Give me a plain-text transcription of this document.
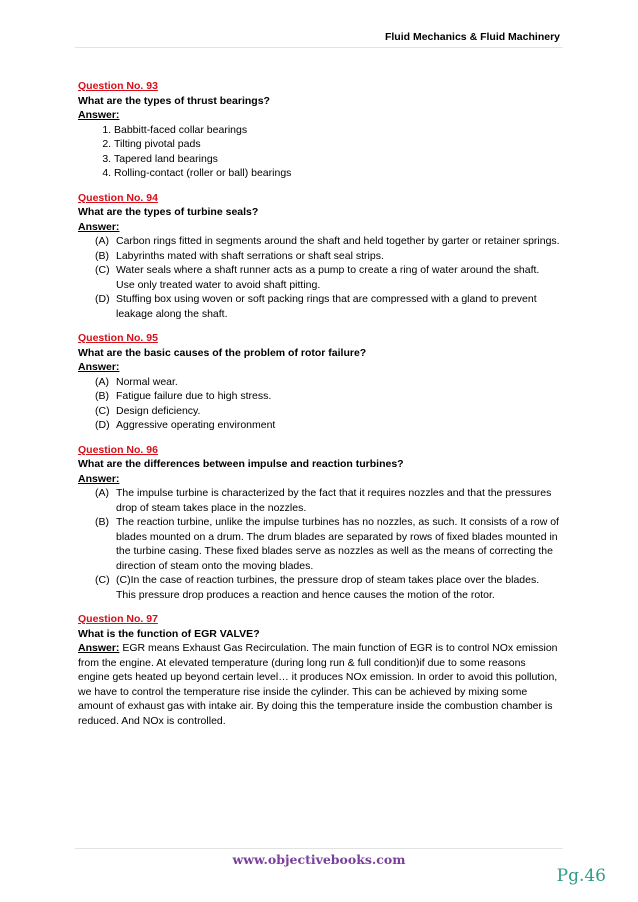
Fluid Mechanics & Fluid Machinery
Question No. 93
What are the types of thrust bearings?
Answer:
1. Babbitt-faced collar bearings
2. Tilting pivotal pads
3. Tapered land bearings
4. Rolling-contact (roller or ball) bearings
Question No. 94
What are the types of turbine seals?
Answer:
(A) Carbon rings fitted in segments around the shaft and held together by garter or retainer springs.
(B) Labyrinths mated with shaft serrations or shaft seal strips.
(C) Water seals where a shaft runner acts as a pump to create a ring of water around the shaft. Use only treated water to avoid shaft pitting.
(D) Stuffing box using woven or soft packing rings that are compressed with a gland to prevent leakage along the shaft.
Question No. 95
What are the basic causes of the problem of rotor failure?
Answer:
(A) Normal wear.
(B) Fatigue failure due to high stress.
(C) Design deficiency.
(D) Aggressive operating environment
Question No. 96
What are the differences between impulse and reaction turbines?
Answer:
(A) The impulse turbine is characterized by the fact that it requires nozzles and that the pressures drop of steam takes place in the nozzles.
(B) The reaction turbine, unlike the impulse turbines has no nozzles, as such. It consists of a row of blades mounted on a drum. The drum blades are separated by rows of fixed blades mounted in the turbine casing. These fixed blades serve as nozzles as well as the means of correcting the direction of steam onto the moving blades.
(C) (C)In the case of reaction turbines, the pressure drop of steam takes place over the blades. This pressure drop produces a reaction and hence causes the motion of the rotor.
Question No. 97
What is the function of EGR VALVE?

Answer: EGR means Exhaust Gas Recirculation. The main function of EGR is to control NOx emission from the engine. At elevated temperature (during long run & full condition)if due to some reasons engine gets heated up beyond certain level… it produces NOx emission. In order to avoid this pollution, we have to control the temperature rise inside the cylinder. This can be achieved by mixing some amount of exhaust gas with intake air. By doing this the temperature inside the combustion chamber is reduced. And NOx is controlled.

www.objectivebooks.com
Pg.46
